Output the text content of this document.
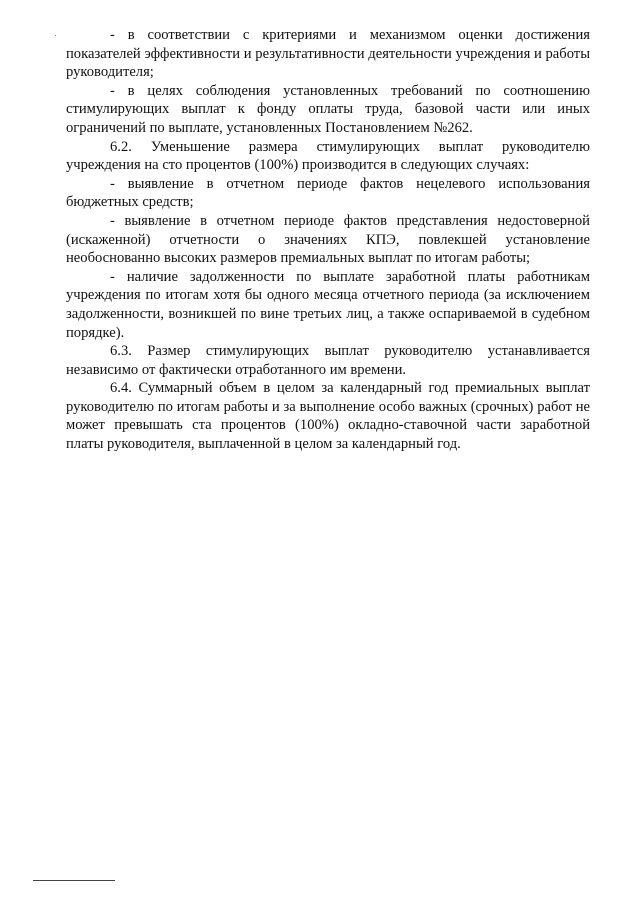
- в соответствии с критериями и механизмом оценки достижения показателей эффективности и результативности деятельности учреждения и работы руководителя;

- в целях соблюдения установленных требований по соотношению стимулирующих выплат к фонду оплаты труда, базовой части или иных ограничений по выплате, установленных Постановлением №262.

6.2. Уменьшение размера стимулирующих выплат руководителю учреждения на сто процентов (100%) производится в следующих случаях:

- выявление в отчетном периоде фактов нецелевого использования бюджетных средств;

- выявление в отчетном периоде фактов представления недостоверной (искаженной) отчетности о значениях КПЭ, повлекшей установление необоснованно высоких размеров премиальных выплат по итогам работы;

- наличие задолженности по выплате заработной платы работникам учреждения по итогам хотя бы одного месяца отчетного периода (за исключением задолженности, возникшей по вине третьих лиц, а также оспариваемой в судебном порядке).

6.3. Размер стимулирующих выплат руководителю устанавливается независимо от фактически отработанного им времени.

6.4. Суммарный объем в целом за календарный год премиальных выплат руководителю по итогам работы и за выполнение особо важных (срочных) работ не может превышать ста процентов (100%) окладно-ставочной части заработной платы руководителя, выплаченной в целом за календарный год.
